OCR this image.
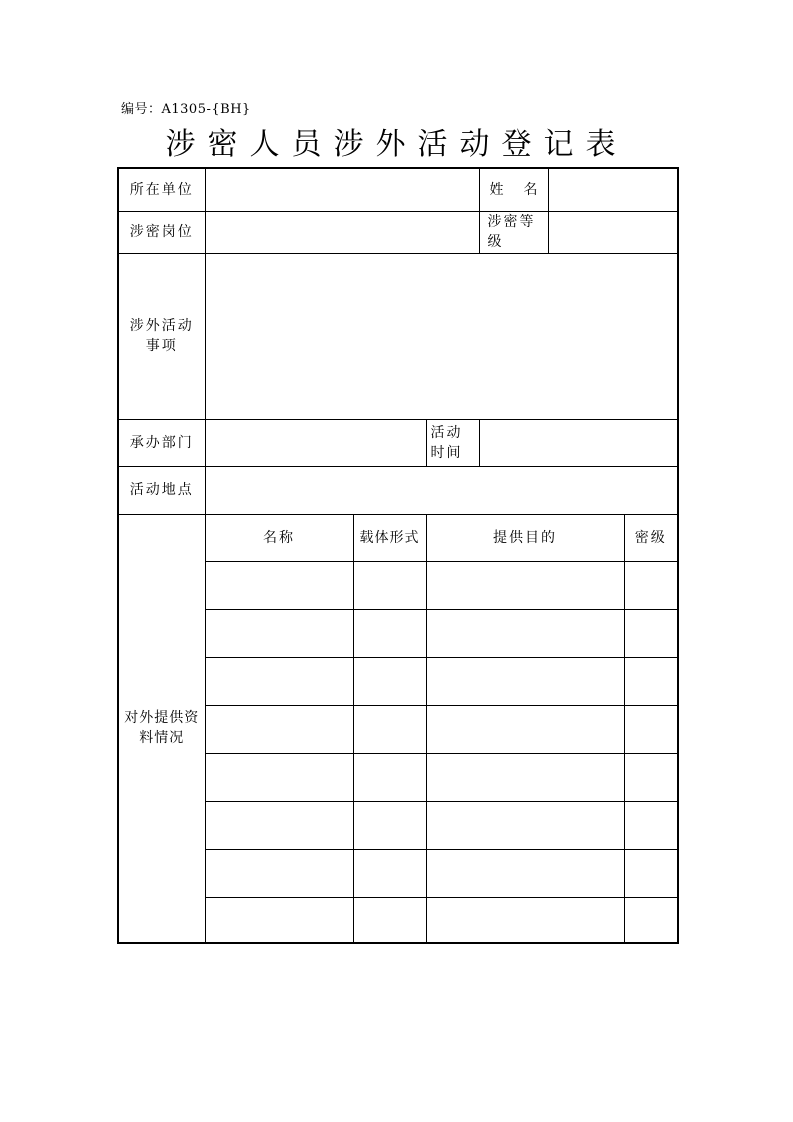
编号：A1305-{BH}
涉密人员涉外活动登记表
所在单位				姓 名		

涉密岗位				涉密等级		

涉外活动
事项						

承办部门			活动时间			
活动地点						

对外提供资
料情况	名称	载体形式	提供目的			密级
